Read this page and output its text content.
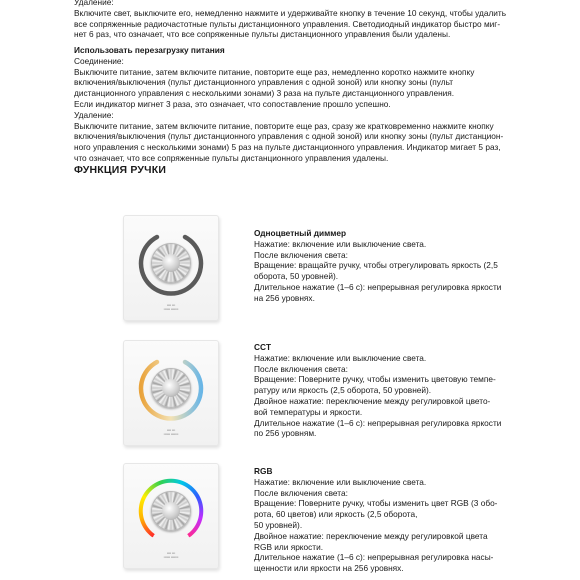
Удаление:
Включите свет, выключите его, немедленно нажмите и удерживайте кнопку в течение 10 секунд, чтобы удалить
все сопряженные радиочастотные пульты дистанционного управления. Светодиодный индикатор быстро миг-
нет 6 раз, что означает, что все сопряженные пульты дистанционного управления были удалены.
Использовать перезагрузку питания
Соединение:
Выключите питание, затем включите питание, повторите еще раз, немедленно коротко нажмите кнопку
включения/выключения (пульт дистанционного управления с одной зоной) или кнопку зоны (пульт
дистанционного управления с несколькими зонами) 3 раза на пульте дистанционного управления.
Если индикатор мигнет 3 раза, это означает, что сопоставление прошло успешно.
Удаление:
Выключите питание, затем включите питание, повторите еще раз, сразу же кратковременно нажмите кнопку
включения/выключения (пульт дистанционного управления с одной зоной) или кнопку зоны (пульт дистанцион-
ного управления с несколькими зонами) 5 раз на пульте дистанционного управления. Индикатор мигает 5 раз,
что означает, что все сопряженные пульты дистанционного управления удалены.
ФУНКЦИЯ РУЧКИ
▪▪▪▪ ▪▪▪
▪▪▪▪▪▪ ▪▪▪▪▪▪▪
Одноцветный диммер
Нажатие: включение или выключение света.
После включения света:
Вращение: вращайте ручку, чтобы отрегулировать яркость (2,5
оборота, 50 уровней).
Длительное нажатие (1–6 с): непрерывная регулировка яркости
на 256 уровнях.
▪▪▪▪ ▪▪▪
▪▪▪▪▪▪ ▪▪▪▪▪▪▪
CCT
Нажатие: включение или выключение света.
После включения света:
Вращение: Поверните ручку, чтобы изменить цветовую темпе-
ратуру или яркость (2,5 оборота, 50 уровней).
Двойное нажатие: переключение между регулировкой цвето-
вой температуры и яркости.
Длительное нажатие (1–6 с): непрерывная регулировка яркости
по 256 уровням.
▪▪▪▪ ▪▪▪
▪▪▪▪▪▪ ▪▪▪▪▪▪▪
RGB
Нажатие: включение или выключение света.
После включения света:
Вращение: Поверните ручку, чтобы изменить цвет RGB (3 обо-
рота, 60 цветов) или яркость (2,5 оборота,
50 уровней).
Двойное нажатие: переключение между регулировкой цвета
RGB или яркости.
Длительное нажатие (1–6 с): непрерывная регулировка насы-
щенности или яркости на 256 уровнях.
